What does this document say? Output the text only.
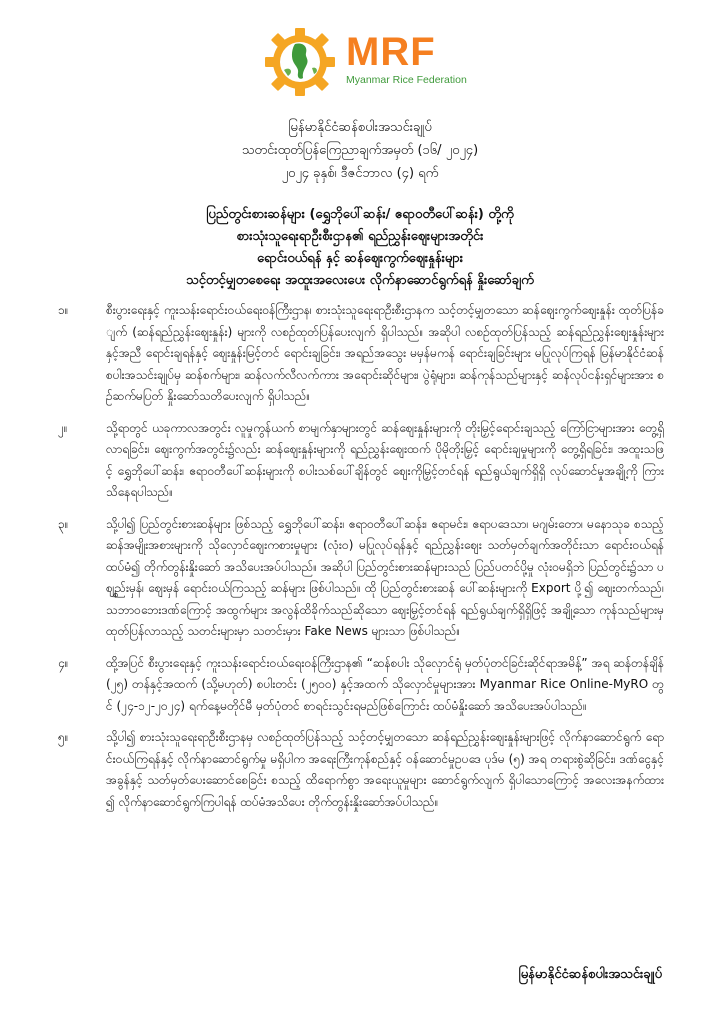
MRF
Myanmar Rice Federation
မြန်မာနိုင်ငံဆန်စပါးအသင်းချုပ်
သတင်းထုတ်ပြန်ကြေညာချက်အမှတ် (၁၆/ ၂၀၂၄)
၂၀၂၄ ခုနှစ်၊ ဒီဇင်ဘာလ (၄) ရက်
ပြည်တွင်းစားဆန်များ (ရွှေဘိုပေါ်ဆန်း/ ဧရာဝတီပေါ်ဆန်း) တို့ကို
စားသုံးသူရေးရာဦးစီးဌာန၏ ရည်ညွှန်းဈေးများအတိုင်း
ရောင်းဝယ်ရန် နှင့် ဆန်ဈေးကွက်ဈေးနှုန်းများ
သင့်တင့်မျှတစေရေး အထူးအလေးပေး လိုက်နာဆောင်ရွက်ရန် နှိုးဆော်ချက်
၁။	စီးပွားရေးနှင့် ကူးသန်းရောင်းဝယ်ရေးဝန်ကြီးဌာန၊ စားသုံးသူရေးရာဦးစီးဌာနက သင့်တင့်မျှတသော ဆန်ဈေးကွက်ဈေးနှုန်း ထုတ်ပြန်ချက် (ဆန်ရည်ညွှန်းဈေးနှုန်း) များကို လစဉ်ထုတ်ပြန်ပေးလျက် ရှိပါသည်။ အဆိုပါ လစဉ်ထုတ်ပြန်သည့် ဆန်ရည်ညွှန်းဈေးနှုန်းများ နှင့်အညီ ရောင်းချရန်နှင့် ဈေးနှုန်းမြင့်တင် ရောင်းချခြင်း၊ အရည်အသွေး မမှန်မကန် ရောင်းချခြင်းများ မပြုလုပ်ကြရန် မြန်မာနိုင်ငံဆန်စပါးအသင်းချုပ်မှ ဆန်စက်များ၊ ဆန်လက်လီလက်ကား အရောင်းဆိုင်များ၊ ပွဲရုံများ၊ ဆန်ကုန်သည်များနှင့် ဆန်လုပ်ငန်းရှင်များအား စဉ်ဆက်မပြတ် နှိုးဆော်သတိပေးလျက် ရှိပါသည်။
၂။	သို့ရာတွင် ယခုကာလအတွင်း လူမှုကွန်ယက် စာမျက်နှာများတွင် ဆန်ဈေးနှုန်းများကို တိုးမြှင့်ရောင်းချသည့် ကြော်ငြာများအား တွေ့ရှိလာရခြင်း၊ ဈေးကွက်အတွင်း၌လည်း ဆန်ဈေးနှုန်းများကို ရည်ညွှန်းဈေးထက် ပိုမိုတိုးမြှင့် ရောင်းချမှုများကို တွေ့ရှိရခြင်း၊ အထူးသဖြင့် ရွှေဘိုပေါ်ဆန်း၊ ဧရာဝတီပေါ်ဆန်းများကို စပါးသစ်ပေါ်ချိန်တွင် ဈေးကိုမြှင့်တင်ရန် ရည်ရွယ်ချက်ရှိရှိ လုပ်ဆောင်မှုအချို့ကို ကြားသိနေရပါသည်။
၃။	သို့ပါ၍ ပြည်တွင်းစားဆန်များ ဖြစ်သည့် ရွှေဘိုပေါ်ဆန်း၊ ဧရာဝတီပေါ်ဆန်း၊ ဧရာမင်း၊ ဧရာပဒေသာ၊ မဂျမ်းတော၊ မနောသုခ စသည့် ဆန်အမျိုးအစားများကို သိုလှောင်ဈေးကစားမှုများ (လုံးဝ) မပြုလုပ်ရန်နှင့် ရည်ညွှန်းဈေး သတ်မှတ်ချက်အတိုင်းသာ ရောင်းဝယ်ရန် ထပ်မံ၍ တိုက်တွန်းနှိုးဆော် အသိပေးအပ်ပါသည်။ အဆိုပါ ပြည်တွင်းစားဆန်များသည် ပြည်ပတင်ပို့မှု လုံးဝမရှိဘဲ ပြည်တွင်း၌သာ ပဈ္စည်းမှန်၊ ဈေးမှန် ရောင်းဝယ်ကြသည့် ဆန်များ ဖြစ်ပါသည်။ ထို ပြည်တွင်းစားဆန် ပေါ်ဆန်းများကို Export ပို့၍ ဈေးတက်သည်၊ သဘာဝဘေးဒဏ်ကြောင့် အထွက်များ အလွန်ထိခိုက်သည်ဆိုသော ဈေးမြှင့်တင်ရန် ရည်ရွယ်ချက်ရှိရှိဖြင့် အချို့သော ကုန်သည်များမှ ထုတ်ပြန်လာသည့် သတင်းများမှာ သတင်းမှား Fake News များသာ ဖြစ်ပါသည်။
၄။	ထို့အပြင် စီးပွားရေးနှင့် ကူးသန်းရောင်းဝယ်ရေးဝန်ကြီးဌာန၏ “ဆန်စပါး သိုလှောင်ရုံ မှတ်ပုံတင်ခြင်းဆိုင်ရာအမိန့်” အရ ဆန်တန်ချိန် (၂၅) တန်နှင့်အထက် (သို့မဟုတ်) စပါးတင်း (၂၅၀၀) နှင့်အထက် သိုလှောင်မှုများအား Myanmar Rice Online-MyRO တွင် (၂၄-၁၂-၂၀၂၄) ရက်နေ့မတိုင်မီ မှတ်ပုံတင် စာရင်းသွင်းရမည်ဖြစ်ကြောင်း ထပ်မံနှိုးဆော် အသိပေးအပ်ပါသည်။
၅။	သို့ပါ၍ စားသုံးသူရေးရာဦးစီးဌာနမှ လစဉ်ထုတ်ပြန်သည့် သင့်တင့်မျှတသော ဆန်ရည်ညွှန်းဈေးနှုန်းများဖြင့် လိုက်နာဆောင်ရွက် ရောင်းဝယ်ကြရန်နှင့် လိုက်နာဆောင်ရွက်မှု မရှိပါက အရေးကြီးကုန်စည်နှင့် ဝန်ဆောင်မှုဥပဒေ ပုဒ်မ (၅) အရ တရားစွဲဆိုခြင်း၊ ဒဏ်ငွေနှင့် အခွန်နှင့် သတ်မှတ်ပေးဆောင်စေခြင်း စသည့် ထိရောက်စွာ အရေးယူမှုများ ဆောင်ရွက်လျက် ရှိပါသောကြောင့် အလေးအနက်ထား၍ လိုက်နာဆောင်ရွက်ကြပါရန် ထပ်မံအသိပေး တိုက်တွန်းနှိုးဆော်အပ်ပါသည်။
မြန်မာနိုင်ငံဆန်စပါးအသင်းချုပ်
